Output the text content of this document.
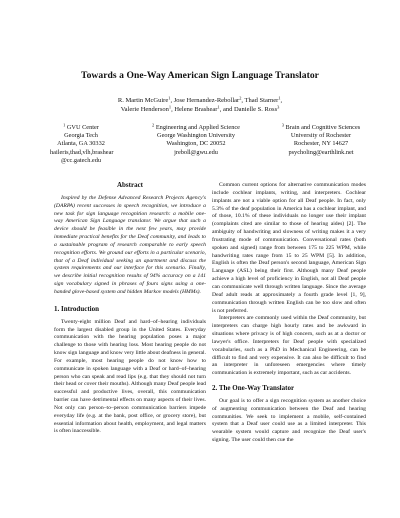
Towards a One-Way American Sign Language Translator
R. Martin McGuire$^1$, Jose Hernandez-Rebollar$^2$, Thad Starner$^1$,
Valerie Henderson$^1$, Helene Brashear$^1$, and Danielle S. Ross$^3$
$^1$ GVU Center
Georgia Tech
Atlanta, GA 30332
haileris,thad,vlh,brashear
@cc.gatech.edu
$^2$ Engineering and Applied Science
George Washington University
Washington, DC 20052
jreboll@gwu.edu
$^3$ Brain and Cognitive Sciences
University of Rochester
Rochester, NY 14627
psycholing@earthlink.net
Abstract

Inspired by the Defense Advanced Research Projects Agency's (DARPA) recent successes in speech recognition, we introduce a new task for sign language recognition research: a mobile one-way American Sign Language translator. We argue that such a device should be feasible in the next few years, may provide immediate practical benefits for the Deaf community, and leads to a sustainable program of research comparable to early speech recognition efforts. We ground our efforts in a particular scenario, that of a Deaf individual seeking an apartment and discuss the system requirements and our interface for this scenario. Finally, we describe initial recognition results of 94% accuracy on a 141 sign vocabulary signed in phrases of fours signs using a one-handed glove-based system and hidden Markov models (HMMs).

1. Introduction

Twenty-eight million Deaf and hard–of–hearing individuals form the largest disabled group in the United States. Everyday communication with the hearing population poses a major challenge to those with hearing loss. Most hearing people do not know sign language and know very little about deafness in general. For example, most hearing people do not know how to communicate in spoken language with a Deaf or hard–of–hearing person who can speak and read lips (e.g. that they should not turn their head or cover their mouths). Although many Deaf people lead successful and productive lives, overall, this communication barrier can have detrimental effects on many aspects of their lives. Not only can person–to–person communication barriers impede everyday life (e.g. at the bank, post office, or grocery store), but essential information about health, employment, and legal matters is often inaccessible.

Common current options for alternative communication modes include cochlear implants, writing, and interpreters. Cochlear implants are not a viable option for all Deaf people. In fact, only 5.3% of the deaf population in America has a cochlear implant, and of those, 10.1% of these individuals no longer use their implant (complaints cited are similar to those of hearing aides) [2]. The ambiguity of handwriting and slowness of writing makes it a very frustrating mode of communication. Conversational rates (both spoken and signed) range from between 175 to 225 WPM, while handwriting rates range from 15 to 25 WPM [5]. In addition, English is often the Deaf person's second language, American Sign Language (ASL) being their first. Although many Deaf people achieve a high level of proficiency in English, not all Deaf people can communicate well through written language. Since the average Deaf adult reads at approximately a fourth grade level [1, 9], communication through written English can be too slow and often is not preferred.

Interpreters are commonly used within the Deaf community, but interpreters can charge high hourly rates and be awkward in situations where privacy is of high concern, such as at a doctor or lawyer's office. Interpreters for Deaf people with specialized vocabularies, such as a PhD in Mechanical Engineering, can be difficult to find and very expensive. It can also be difficult to find an interpreter in unforeseen emergencies where timely communication is extremely important, such as car accidents.

2. The One-Way Translator

Our goal is to offer a sign recognition system as another choice of augmenting communication between the Deaf and hearing communities. We seek to implement a mobile, self-contained system that a Deaf user could use as a limited interpreter. This wearable system would capture and recognize the Deaf user's signing. The user could then cue the
